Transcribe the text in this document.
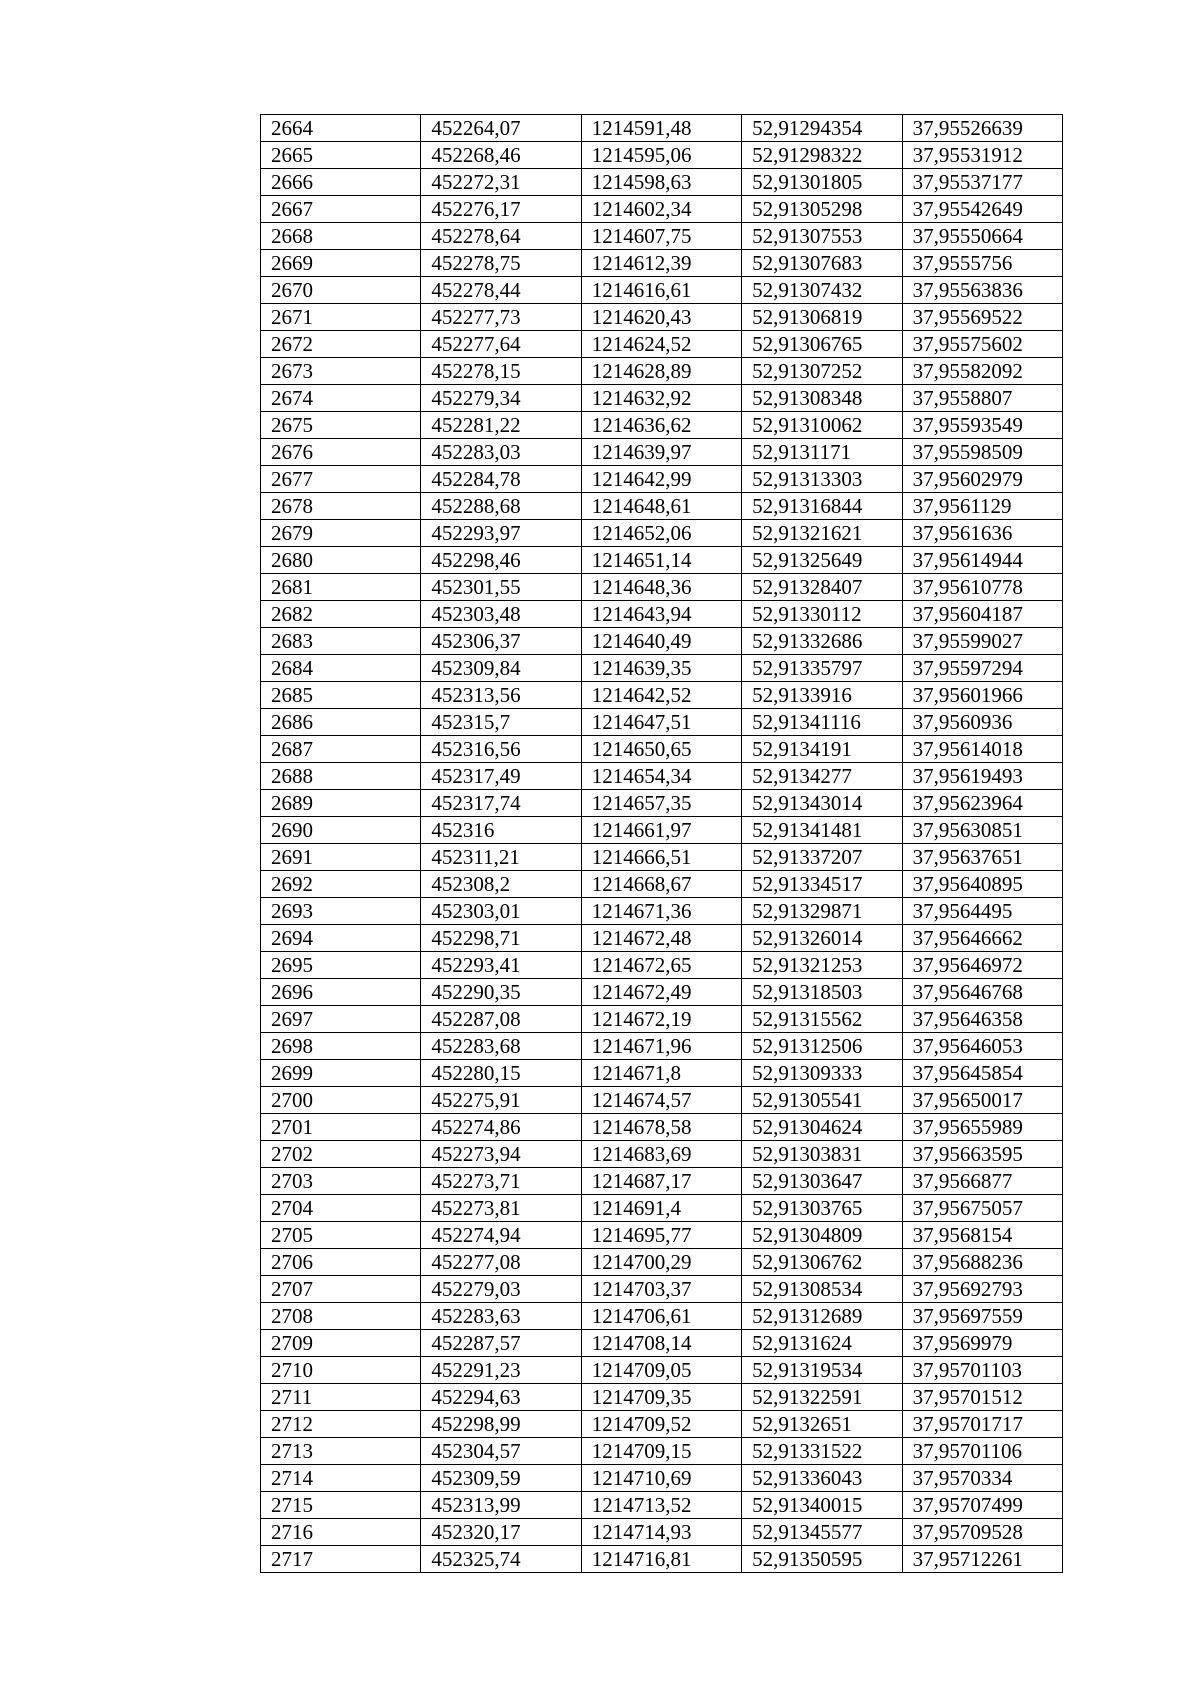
2664	452264,07	1214591,48	52,91294354	37,95526639
2665	452268,46	1214595,06	52,91298322	37,95531912
2666	452272,31	1214598,63	52,91301805	37,95537177
2667	452276,17	1214602,34	52,91305298	37,95542649
2668	452278,64	1214607,75	52,91307553	37,95550664
2669	452278,75	1214612,39	52,91307683	37,9555756
2670	452278,44	1214616,61	52,91307432	37,95563836
2671	452277,73	1214620,43	52,91306819	37,95569522
2672	452277,64	1214624,52	52,91306765	37,95575602
2673	452278,15	1214628,89	52,91307252	37,95582092
2674	452279,34	1214632,92	52,91308348	37,9558807
2675	452281,22	1214636,62	52,91310062	37,95593549
2676	452283,03	1214639,97	52,9131171	37,95598509
2677	452284,78	1214642,99	52,91313303	37,95602979
2678	452288,68	1214648,61	52,91316844	37,9561129
2679	452293,97	1214652,06	52,91321621	37,9561636
2680	452298,46	1214651,14	52,91325649	37,95614944
2681	452301,55	1214648,36	52,91328407	37,95610778
2682	452303,48	1214643,94	52,91330112	37,95604187
2683	452306,37	1214640,49	52,91332686	37,95599027
2684	452309,84	1214639,35	52,91335797	37,95597294
2685	452313,56	1214642,52	52,9133916	37,95601966
2686	452315,7	1214647,51	52,91341116	37,9560936
2687	452316,56	1214650,65	52,9134191	37,95614018
2688	452317,49	1214654,34	52,9134277	37,95619493
2689	452317,74	1214657,35	52,91343014	37,95623964
2690	452316	1214661,97	52,91341481	37,95630851
2691	452311,21	1214666,51	52,91337207	37,95637651
2692	452308,2	1214668,67	52,91334517	37,95640895
2693	452303,01	1214671,36	52,91329871	37,9564495
2694	452298,71	1214672,48	52,91326014	37,95646662
2695	452293,41	1214672,65	52,91321253	37,95646972
2696	452290,35	1214672,49	52,91318503	37,95646768
2697	452287,08	1214672,19	52,91315562	37,95646358
2698	452283,68	1214671,96	52,91312506	37,95646053
2699	452280,15	1214671,8	52,91309333	37,95645854
2700	452275,91	1214674,57	52,91305541	37,95650017
2701	452274,86	1214678,58	52,91304624	37,95655989
2702	452273,94	1214683,69	52,91303831	37,95663595
2703	452273,71	1214687,17	52,91303647	37,9566877
2704	452273,81	1214691,4	52,91303765	37,95675057
2705	452274,94	1214695,77	52,91304809	37,9568154
2706	452277,08	1214700,29	52,91306762	37,95688236
2707	452279,03	1214703,37	52,91308534	37,95692793
2708	452283,63	1214706,61	52,91312689	37,95697559
2709	452287,57	1214708,14	52,9131624	37,9569979
2710	452291,23	1214709,05	52,91319534	37,95701103
2711	452294,63	1214709,35	52,91322591	37,95701512
2712	452298,99	1214709,52	52,9132651	37,95701717
2713	452304,57	1214709,15	52,91331522	37,95701106
2714	452309,59	1214710,69	52,91336043	37,9570334
2715	452313,99	1214713,52	52,91340015	37,95707499
2716	452320,17	1214714,93	52,91345577	37,95709528
2717	452325,74	1214716,81	52,91350595	37,95712261
